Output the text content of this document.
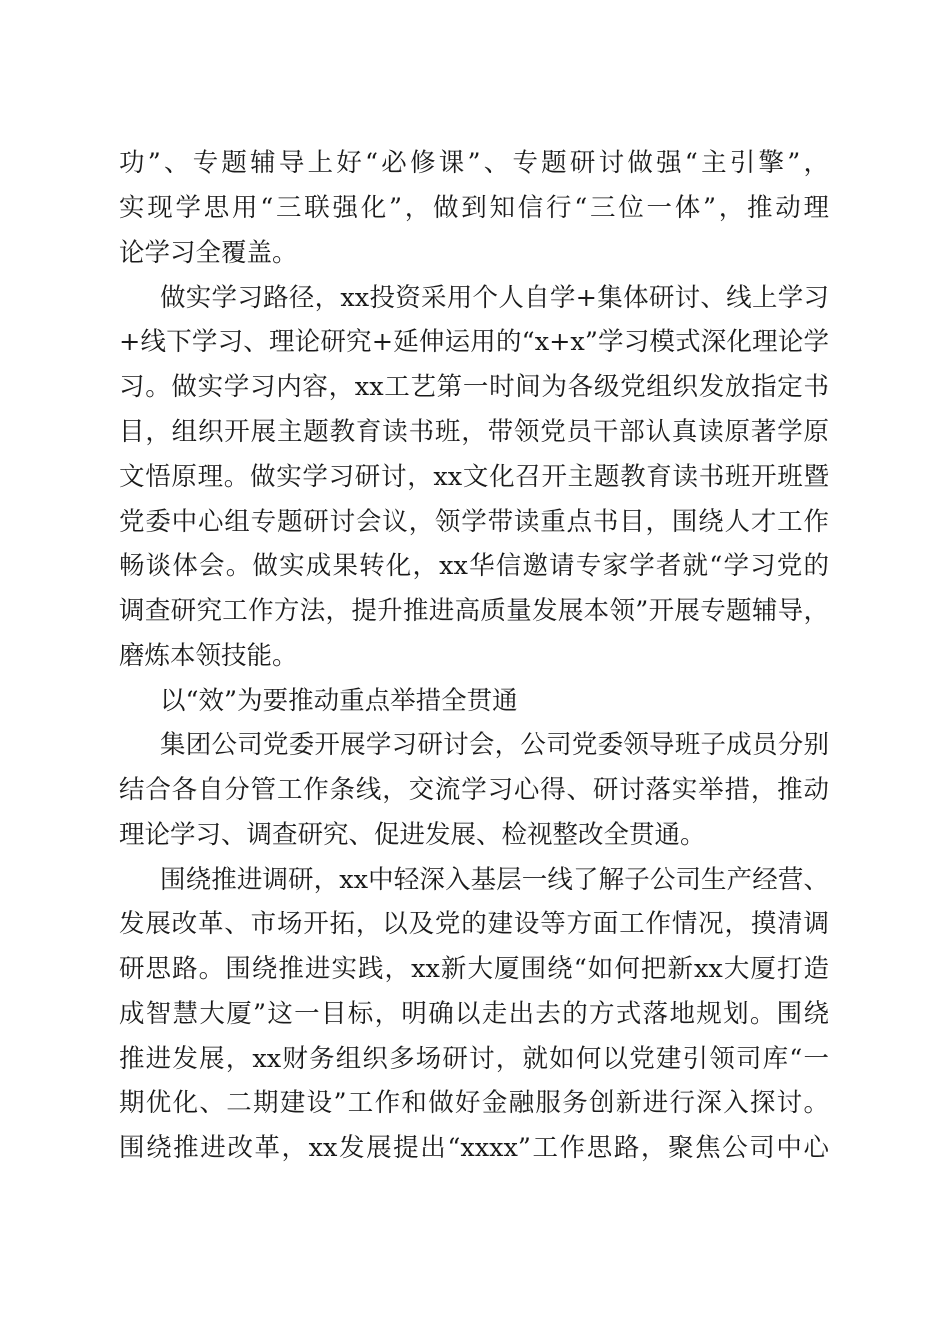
功”、专题辅导上好“必修课”、专题研讨做强“主引擎”，
实现学思用“三联强化”，做到知信行“三位一体”，推动理
论学习全覆盖。
做实学习路径，xx投资采用个人自学+集体研讨、线上学习
+线下学习、理论研究+延伸运用的“x+x”学习模式深化理论学
习。做实学习内容，xx工艺第一时间为各级党组织发放指定书
目，组织开展主题教育读书班，带领党员干部认真读原著学原
文悟原理。做实学习研讨，xx文化召开主题教育读书班开班暨
党委中心组专题研讨会议，领学带读重点书目，围绕人才工作
畅谈体会。做实成果转化，xx华信邀请专家学者就“学习党的
调查研究工作方法，提升推进高质量发展本领”开展专题辅导，
磨炼本领技能。
以“效”为要推动重点举措全贯通
集团公司党委开展学习研讨会，公司党委领导班子成员分别
结合各自分管工作条线，交流学习心得、研讨落实举措，推动
理论学习、调查研究、促进发展、检视整改全贯通。
围绕推进调研，xx中轻深入基层一线了解子公司生产经营、
发展改革、市场开拓，以及党的建设等方面工作情况，摸清调
研思路。围绕推进实践，xx新大厦围绕“如何把新xx大厦打造
成智慧大厦”这一目标，明确以走出去的方式落地规划。围绕
推进发展，xx财务组织多场研讨，就如何以党建引领司库“一
期优化、二期建设”工作和做好金融服务创新进行深入探讨。
围绕推进改革，xx发展提出“xxxx”工作思路，聚焦公司中心
